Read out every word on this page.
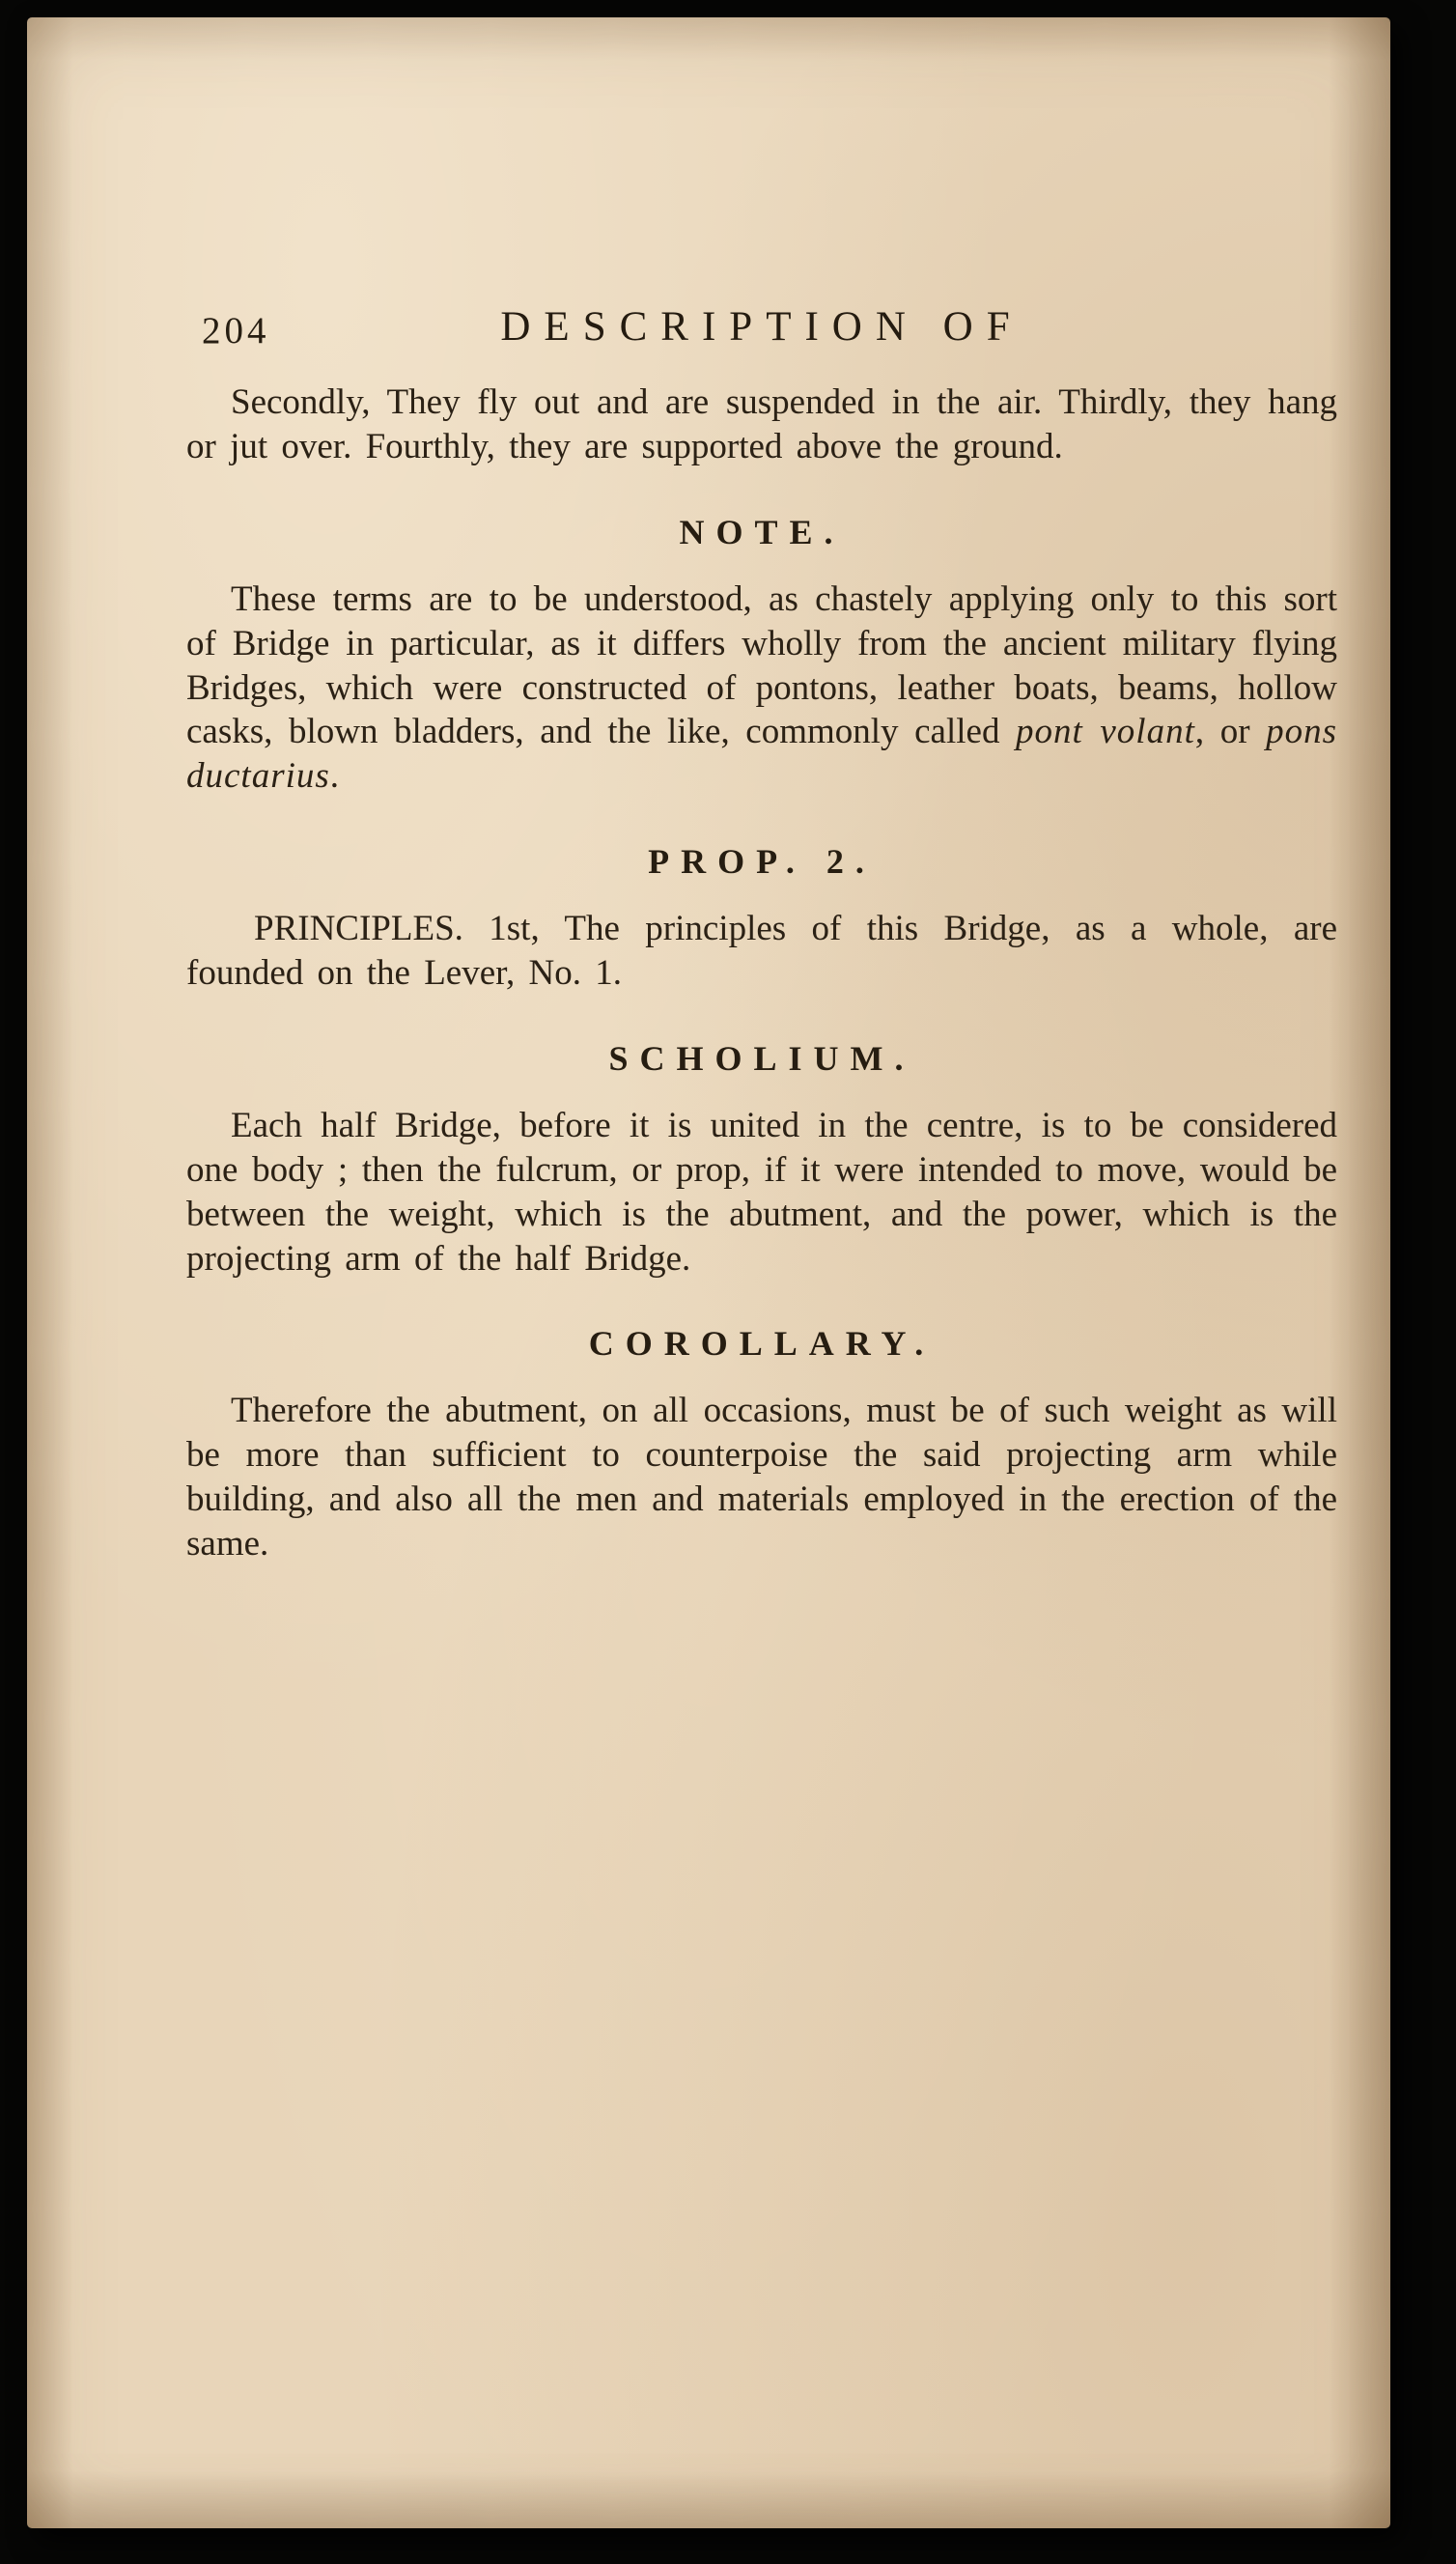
204	DESCRIPTION OF

Secondly, They fly out and are suspended in the air. Thirdly, they hang or jut over. Fourthly, they are supported above the ground.

NOTE.

These terms are to be understood, as chastely applying only to this sort of Bridge in particular, as it differs wholly from the ancient military flying Bridges, which were constructed of pontons, leather boats, beams, hollow casks, blown bladders, and the like, commonly called pont volant, or pons ductarius.

PROP. 2.

PRINCIPLES. 1st, The principles of this Bridge, as a whole, are founded on the Lever, No. 1.

SCHOLIUM.

Each half Bridge, before it is united in the centre, is to be considered one body ; then the fulcrum, or prop, if it were intended to move, would be between the weight, which is the abutment, and the power, which is the projecting arm of the half Bridge.

COROLLARY.

Therefore the abutment, on all occasions, must be of such weight as will be more than sufficient to counterpoise the said projecting arm while building, and also all the men and materials employed in the erection of the same.
